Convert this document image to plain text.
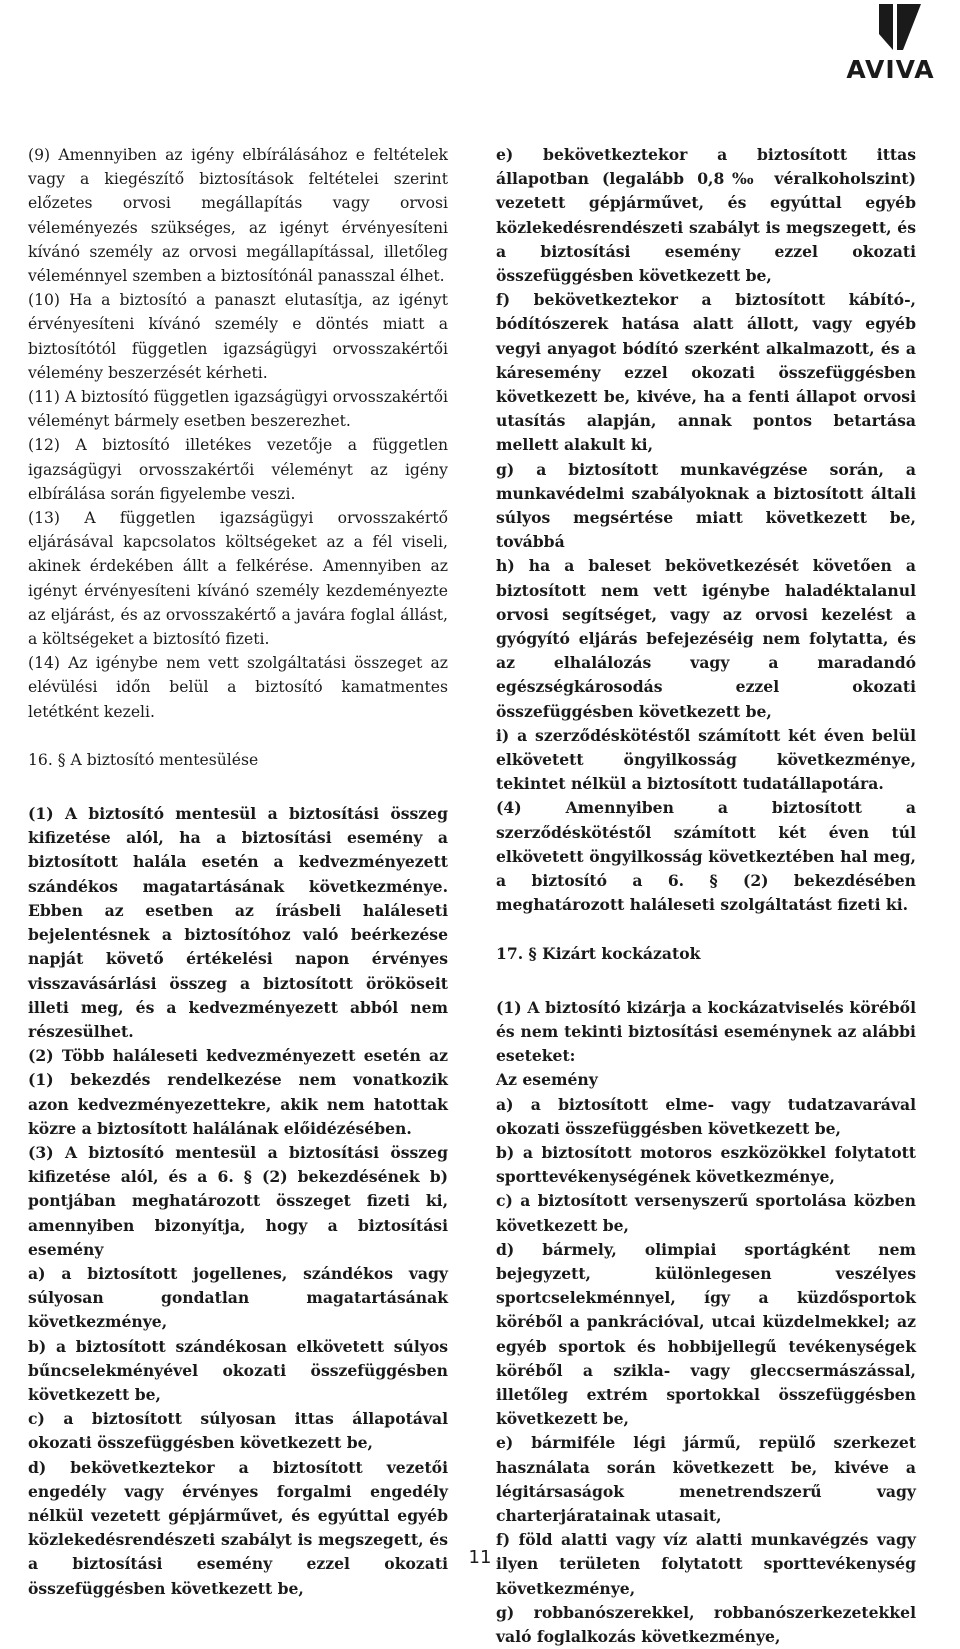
AVIVA

(9) Amennyiben az igény elbírálásához e feltételek vagy a kiegészítő biztosítások feltételei szerint előzetes orvosi megállapítás vagy orvosi véleményezés szükséges, az igényt érvényesíteni kívánó személy az orvosi megállapítással, illetőleg véleménnyel szemben a biztosítónál panasszal élhet.

(10) Ha a biztosító a panaszt elutasítja, az igényt érvényesíteni kívánó személy e döntés miatt a biztosítótól független igazságügyi orvosszakértői vélemény beszerzését kérheti.

(11) A biztosító független igazságügyi orvosszakértői véleményt bármely esetben beszerezhet.

(12) A biztosító illetékes vezetője a független igazságügyi orvosszakértői véleményt az igény elbírálása során figyelembe veszi.

(13) A független igazságügyi orvosszakértő eljárásával kapcsolatos költségeket az a fél viseli, akinek érdekében állt a felkérése. Amennyiben az igényt érvényesíteni kívánó személy kezdeményezte az eljárást, és az orvosszakértő a javára foglal állást, a költségeket a biztosító fizeti.

(14) Az igénybe nem vett szolgáltatási összeget az elévülési időn belül a biztosító kamatmentes letétként kezeli.

16. § A biztosító mentesülése

(1) A biztosító mentesül a biztosítási összeg kifizetése alól, ha a biztosítási esemény a biztosított halála esetén a kedvezményezett szándékos magatartásának következménye. Ebben az esetben az írásbeli haláleseti bejelentésnek a biztosítóhoz való beérkezése napját követő értékelési napon érvényes visszavásárlási összeg a biztosított örököseit illeti meg, és a kedvezményezett abból nem részesülhet.

(2) Több haláleseti kedvezményezett esetén az (1) bekezdés rendelkezése nem vonatkozik azon kedvezményezettekre, akik nem hatottak közre a biztosított halálának előidézésében.

(3) A biztosító mentesül a biztosítási összeg kifizetése alól, és a 6. § (2) bekezdésének b) pontjában meghatározott összeget fizeti ki, amennyiben bizonyítja, hogy a biztosítási esemény

a) a biztosított jogellenes, szándékos vagy súlyosan gondatlan magatartásának következménye,

b) a biztosított szándékosan elkövetett súlyos bűncselekményével okozati összefüggésben következett be,

c) a biztosított súlyosan ittas állapotával okozati összefüggésben következett be,

d) bekövetkeztekor a biztosított vezetői engedély vagy érvényes forgalmi engedély nélkül vezetett gépjárművet, és egyúttal egyéb közlekedésrendészeti szabályt is megszegett, és a biztosítási esemény ezzel okozati összefüggésben következett be,

e) bekövetkeztekor a biztosított ittas állapotban (legalább 0,8‰ véralkoholszint) vezetett gépjárművet, és egyúttal egyéb közlekedésrendészeti szabályt is megszegett, és a biztosítási esemény ezzel okozati összefüggésben következett be,

f) bekövetkeztekor a biztosított kábító-, bódítószerek hatása alatt állott, vagy egyéb vegyi anyagot bódító szerként alkalmazott, és a káresemény ezzel okozati összefüggésben következett be, kivéve, ha a fenti állapot orvosi utasítás alapján, annak pontos betartása mellett alakult ki,

g) a biztosított munkavégzése során, a munkavédelmi szabályoknak a biztosított általi súlyos megsértése miatt következett be, továbbá

h) ha a baleset bekövetkezését követően a biztosított nem vett igénybe haladéktalanul orvosi segítséget, vagy az orvosi kezelést a gyógyító eljárás befejezéséig nem folytatta, és az elhalálozás vagy a maradandó egészségkárosodás ezzel okozati összefüggésben következett be,

i) a szerződéskötéstől számított két éven belül elkövetett öngyilkosság következménye, tekintet nélkül a biztosított tudatállapotára.

(4) Amennyiben a biztosított a szerződéskötéstől számított két éven túl elkövetett öngyilkosság következtében hal meg, a biztosító a 6. § (2) bekezdésében meghatározott haláleseti szolgáltatást fizeti ki.

17. § Kizárt kockázatok

(1) A biztosító kizárja a kockázatviselés köréből és nem tekinti biztosítási eseménynek az alábbi eseteket:

Az esemény

a) a biztosított elme- vagy tudatzavarával okozati összefüggésben következett be,

b) a biztosított motoros eszközökkel folytatott sporttevékenységének következménye,

c) a biztosított versenyszerű sportolása közben következett be,

d) bármely, olimpiai sportágként nem bejegyzett, különlegesen veszélyes sportcselekménnyel, így a küzdősportok köréből a pankrációval, utcai küzdelmekkel; az egyéb sportok és hobbijellegű tevékenységek köréből a szikla- vagy gleccsermászással, illetőleg extrém sportokkal összefüggésben következett be,

e) bármiféle légi jármű, repülő szerkezet használata során következett be, kivéve a légitársaságok menetrendszerű vagy charterjáratainak utasait,

f) föld alatti vagy víz alatti munkavégzés vagy ilyen területen folytatott sporttevékenység következménye,

g) robbanószerekkel, robbanószerkezetekkel való foglalkozás következménye,

11
